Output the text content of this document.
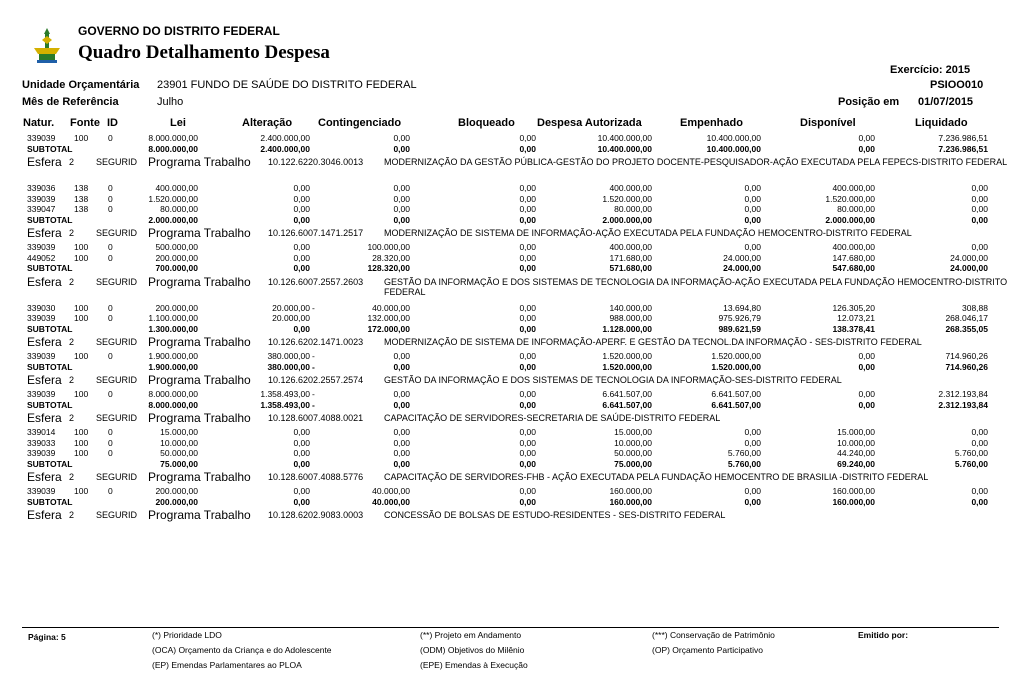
GOVERNO DO DISTRITO FEDERAL
Quadro Detalhamento Despesa
Exercício: 2015
PSIOO010
Unidade Orçamentária 23901 FUNDO DE SAÚDE DO DISTRITO FEDERAL
Mês de Referência	Julho	Posição em 01/07/2015
Natur. Fonte ID	Lei	Alteração Contingenciado	Bloqueado Despesa Autorizada	Empenhado	Disponível	Liquidado
339039 100 0	8.000.000,00	2.400.000,00	0,00	0,00	10.400.000,00	10.400.000,00	0,00	7.236.986,51
SUBTOTAL	8.000.000,00	2.400.000,00	0,00	0,00	10.400.000,00	10.400.000,00	0,00	7.236.986,51
Esfera 2 SEGURID Programa Trabalho 10.122.6220.3046.0013 MODERNIZAÇÃO DA GESTÃO PÚBLICA-GESTÃO DO PROJETO DOCENTE-PESQUISADOR-AÇÃO EXECUTADA PELA FEPECS-DISTRITO FEDERAL
339036 138 0	400.000,00	0,00	0,00	0,00	400.000,00	0,00	400.000,00	0,00
339039 138 0	1.520.000,00	0,00	0,00	0,00	1.520.000,00	0,00	1.520.000,00	0,00
339047 138 0	80.000,00	0,00	0,00	0,00	80.000,00	0,00	80.000,00	0,00
SUBTOTAL	2.000.000,00	0,00	0,00	0,00	2.000.000,00	0,00	2.000.000,00	0,00
Esfera 2 SEGURID Programa Trabalho 10.126.6007.1471.2517 MODERNIZAÇÃO DE SISTEMA DE INFORMAÇÃO-AÇÃO EXECUTADA PELA FUNDAÇÃO HEMOCENTRO-DISTRITO FEDERAL
339039 100 0	500.000,00	0,00	100.000,00	0,00	400.000,00	0,00	400.000,00	0,00
449052 100 0	200.000,00	0,00	28.320,00	0,00	171.680,00	24.000,00	147.680,00	24.000,00
SUBTOTAL	700.000,00	0,00	128.320,00	0,00	571.680,00	24.000,00	547.680,00	24.000,00
Esfera 2 SEGURID Programa Trabalho 10.126.6007.2557.2603 GESTÃO DA INFORMAÇÃO E DOS SISTEMAS DE TECNOLOGIA DA INFORMAÇÃO-AÇÃO EXECUTADA PELA FUNDAÇÃO HEMOCENTRO-DISTRITO FEDERAL
339030 100 0	200.000,00	20.000,00 -	40.000,00	0,00	140.000,00	13.694,80	126.305,20	308,88
339039 100 0	1.100.000,00	20.000,00	132.000,00	0,00	988.000,00	975.926,79	12.073,21	268.046,17
SUBTOTAL	1.300.000,00	0,00	172.000,00	0,00	1.128.000,00	989.621,59	138.378,41	268.355,05
Esfera 2 SEGURID Programa Trabalho 10.126.6202.1471.0023 MODERNIZAÇÃO DE SISTEMA DE INFORMAÇÃO-APERF. E GESTÃO DA TECNOL.DA INFORMAÇÃO - SES-DISTRITO FEDERAL
339039 100 0	1.900.000,00	380.000,00 -	0,00	0,00	1.520.000,00	1.520.000,00	0,00	714.960,26
SUBTOTAL	1.900.000,00	380.000,00 -	0,00	0,00	1.520.000,00	1.520.000,00	0,00	714.960,26
Esfera 2 SEGURID Programa Trabalho 10.126.6202.2557.2574 GESTÃO DA INFORMAÇÃO E DOS SISTEMAS DE TECNOLOGIA DA INFORMAÇÃO-SES-DISTRITO FEDERAL
339039 100 0	8.000.000,00	1.358.493,00 -	0,00	0,00	6.641.507,00	6.641.507,00	0,00	2.312.193,84
SUBTOTAL	8.000.000,00	1.358.493,00 -	0,00	0,00	6.641.507,00	6.641.507,00	0,00	2.312.193,84
Esfera 2 SEGURID Programa Trabalho 10.128.6007.4088.0021 CAPACITAÇÃO DE SERVIDORES-SECRETARIA DE SAÚDE-DISTRITO FEDERAL
339014 100 0	15.000,00	0,00	0,00	0,00	15.000,00	0,00	15.000,00	0,00
339033 100 0	10.000,00	0,00	0,00	0,00	10.000,00	0,00	10.000,00	0,00
339039 100 0	50.000,00	0,00	0,00	0,00	50.000,00	5.760,00	44.240,00	5.760,00
SUBTOTAL	75.000,00	0,00	0,00	0,00	75.000,00	5.760,00	69.240,00	5.760,00
Esfera 2 SEGURID Programa Trabalho 10.128.6007.4088.5776 CAPACITAÇÃO DE SERVIDORES-FHB - AÇÃO EXECUTADA PELA FUNDAÇÃO HEMOCENTRO DE BRASILIA -DISTRITO FEDERAL
339039 100 0	200.000,00	0,00	40.000,00	0,00	160.000,00	0,00	160.000,00	0,00
SUBTOTAL	200.000,00	0,00	40.000,00	0,00	160.000,00	0,00	160.000,00	0,00
Esfera 2 SEGURID Programa Trabalho 10.128.6202.9083.0003 CONCESSÃO DE BOLSAS DE ESTUDO-RESIDENTES - SES-DISTRITO FEDERAL
Página: 5	(*) Prioridade LDO	(**) Projeto em Andamento	(***) Conservação de Patrimônio	Emitido por:
(OCA) Orçamento da Criança e do Adolescente	(ODM) Objetivos do Milênio	(OP) Orçamento Participativo
(EP) Emendas Parlamentares ao PLOA	(EPE) Emendas à Execução
